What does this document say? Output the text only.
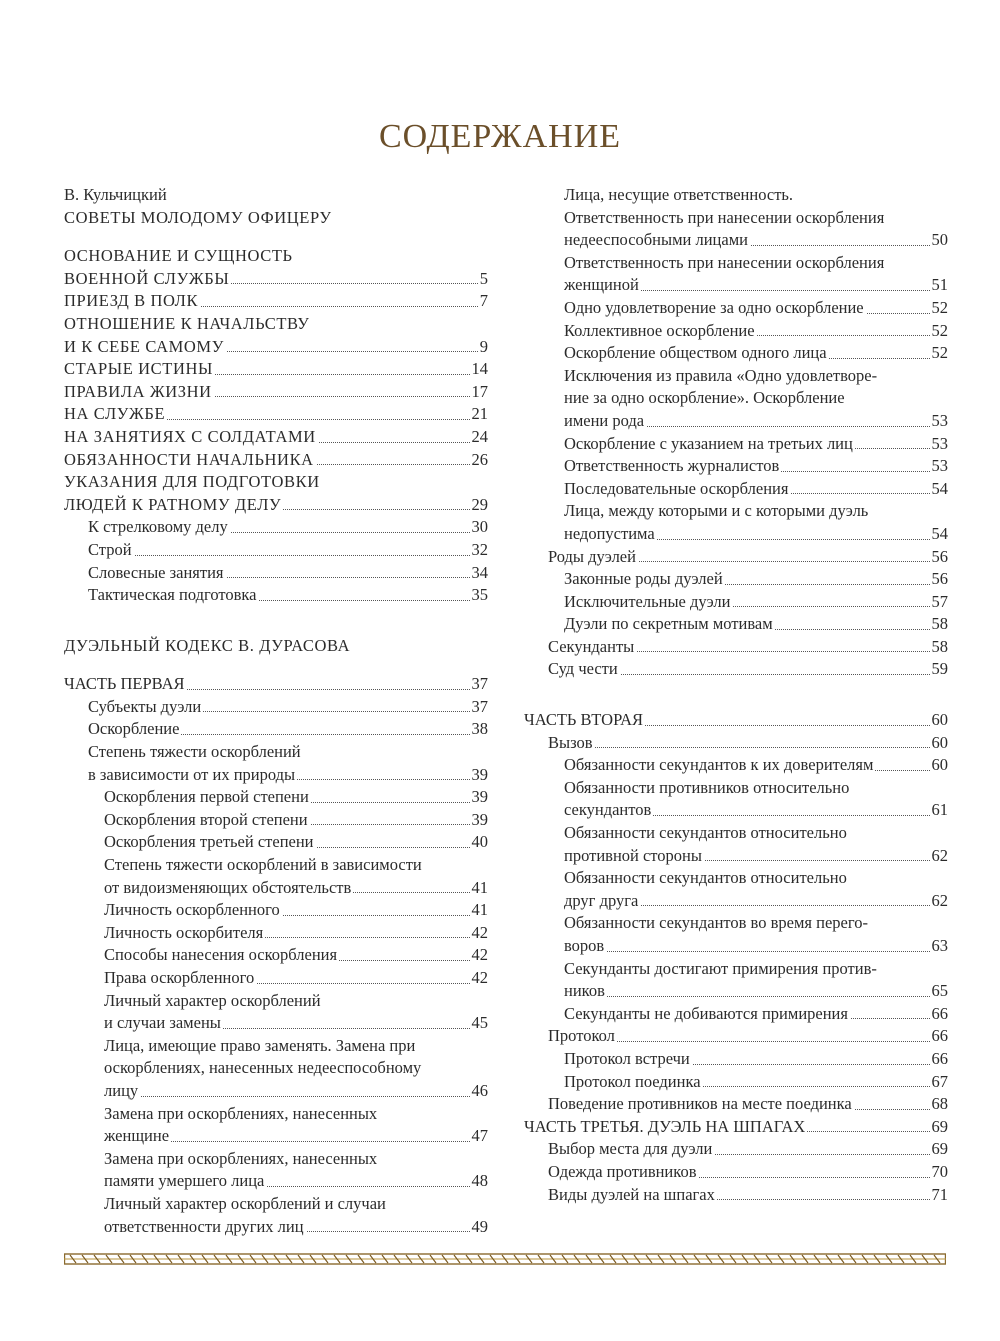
СОДЕРЖАНИЕ
В. Кульчицкий
СОВЕТЫ МОЛОДОМУ ОФИЦЕРУ
ОСНОВАНИЕ И СУЩНОСТЬ
ВОЕННОЙ СЛУЖБЫ	5
ПРИЕЗД В ПОЛК	7
ОТНОШЕНИЕ К НАЧАЛЬСТВУ
И К СЕБЕ САМОМУ	9
СТАРЫЕ ИСТИНЫ	14
ПРАВИЛА ЖИЗНИ	17
НА СЛУЖБЕ	21
НА ЗАНЯТИЯХ С СОЛДАТАМИ	24
ОБЯЗАННОСТИ НАЧАЛЬНИКА	26
УКАЗАНИЯ ДЛЯ ПОДГОТОВКИ
ЛЮДЕЙ К РАТНОМУ ДЕЛУ	29
К стрелковому делу	30
Строй	32
Словесные занятия	34
Тактическая подготовка	35
ДУЭЛЬНЫЙ КОДЕКС В. ДУРАСОВА
ЧАСТЬ ПЕРВАЯ	37
Субъекты дуэли	37
Оскорбление	38
Степень тяжести оскорблений
в зависимости от их природы	39
Оскорбления первой степени	39
Оскорбления второй степени	39
Оскорбления третьей степени	40
Степень тяжести оскорблений в зависимости
от видоизменяющих обстоятельств	41
Личность оскорбленного	41
Личность оскорбителя	42
Способы нанесения оскорбления	42
Права оскорбленного	42
Личный характер оскорблений
и случаи замены	45
Лица, имеющие право заменять. Замена при
оскорблениях, нанесенных недееспособному
лицу	46
Замена при оскорблениях, нанесенных
женщине	47
Замена при оскорблениях, нанесенных
памяти умершего лица	48
Личный характер оскорблений и случаи
ответственности других лиц	49
Лица, несущие ответственность.
Ответственность при нанесении оскорбления
недееспособными лицами	50
Ответственность при нанесении оскорбления
женщиной	51
Одно удовлетворение за одно оскорбление	52
Коллективное оскорбление	52
Оскорбление обществом одного лица	52
Исключения из правила «Одно удовлетворе-
ние за одно оскорбление». Оскорбление
имени рода	53
Оскорбление с указанием на третьих лиц	53
Ответственность журналистов	53
Последовательные оскорбления	54
Лица, между которыми и с которыми дуэль
недопустима	54
Роды дуэлей	56
Законные роды дуэлей	56
Исключительные дуэли	57
Дуэли по секретным мотивам	58
Секунданты	58
Суд чести	59
ЧАСТЬ ВТОРАЯ	60
Вызов	60
Обязанности секундантов к их доверителям	60
Обязанности противников относительно
секундантов	61
Обязанности секундантов относительно
противной стороны	62
Обязанности секундантов относительно
друг друга	62
Обязанности секундантов во время перего-
воров	63
Секунданты достигают примирения против-
ников	65
Секунданты не добиваются примирения	66
Протокол	66
Протокол встречи	66
Протокол поединка	67
Поведение противников на месте поединка	68
ЧАСТЬ ТРЕТЬЯ. ДУЭЛЬ НА ШПАГАХ	69
Выбор места для дуэли	69
Одежда противников	70
Виды дуэлей на шпагах	71
